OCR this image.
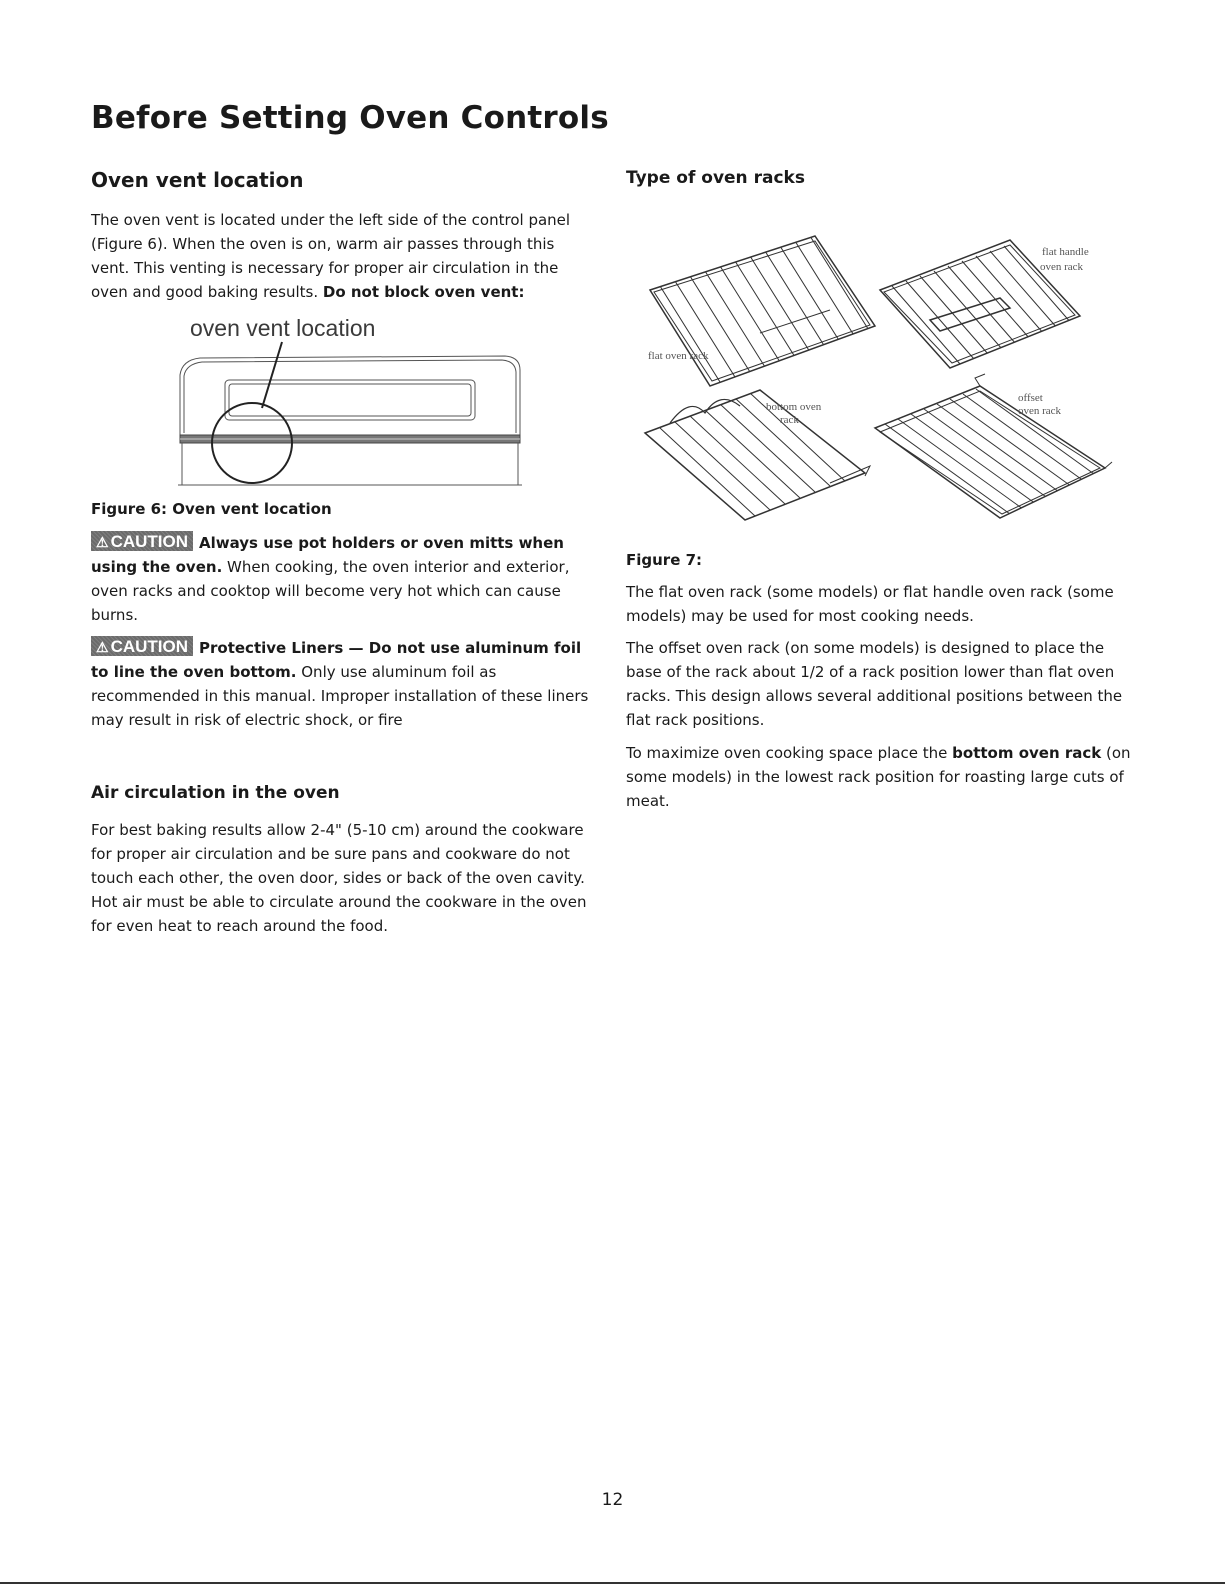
Before Setting Oven Controls
Oven vent location

The oven vent is located under the left side of the control panel (Figure 6). When the oven is on, warm air passes through this vent. This venting is necessary for proper air circulation in the oven and good baking results. Do not block oven vent:

oven vent location

Figure 6: Oven vent location

⚠ CAUTION Always use pot holders or oven mitts when using the oven. When cooking, the oven interior and exterior, oven racks and cooktop will become very hot which can cause burns.

⚠ CAUTION Protective Liners — Do not use aluminum foil to line the oven bottom. Only use aluminum foil as recommended in this manual. Improper installation of these liners may result in risk of electric shock, or fire

Air circulation in the oven

For best baking results allow 2-4" (5-10 cm) around the cookware for proper air circulation and be sure pans and cookware do not touch each other, the oven door, sides or back of the oven cavity. Hot air must be able to circulate around the cookware in the oven for even heat to reach around the food.

Type of oven racks
flat handle
oven rack
flat oven rack
bottom oven
rack
offset
oven rack

Figure 7:

The flat oven rack (some models) or flat handle oven rack (some models) may be used for most cooking needs.

The offset oven rack (on some models) is designed to place the base of the rack about 1/2 of a rack position lower than flat oven racks. This design allows several additional positions between the flat rack positions.

To maximize oven cooking space place the bottom oven rack (on some models) in the lowest rack position for roasting large cuts of meat.

12
